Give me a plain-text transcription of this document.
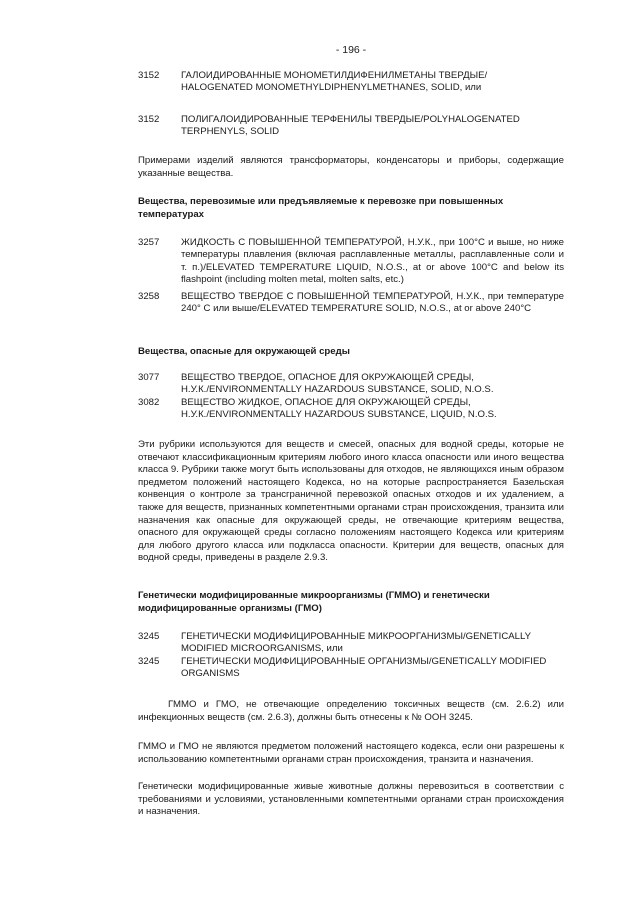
- 196 -
3152	ГАЛОИДИРОВАННЫЕ МОНОМЕТИЛДИФЕНИЛМЕТАНЫ ТВЕРДЫЕ/
HALOGENATED MONOMETHYLDIPHENYLMETHANES, SOLID, или
3152	ПОЛИГАЛОИДИРОВАННЫЕ ТЕРФЕНИЛЫ ТВЕРДЫЕ/POLYHALOGENATED
TERPHENYLS, SOLID
Примерами изделий являются трансформаторы, конденсаторы и приборы, содержащие указанные вещества.
Вещества, перевозимые или предъявляемые к перевозке при повышенных
температурах
3257	ЖИДКОСТЬ С ПОВЫШЕННОЙ ТЕМПЕРАТУРОЙ, Н.У.К., при 100°C и выше, но ниже температуры плавления (включая расплавленные металлы, расплавленные соли и т. п.)/ELEVATED TEMPERATURE LIQUID, N.O.S., at or above 100°C and below its flashpoint (including molten metal, molten salts, etc.)
3258	ВЕЩЕСТВО ТВЕРДОЕ С ПОВЫШЕННОЙ ТЕМПЕРАТУРОЙ, Н.У.К., при температуре 240° C или выше/ELEVATED TEMPERATURE SOLID, N.O.S., at or above 240°C
Вещества, опасные для окружающей среды
3077	ВЕЩЕСТВО ТВЕРДОЕ, ОПАСНОЕ ДЛЯ ОКРУЖАЮЩЕЙ СРЕДЫ,
Н.У.К./ENVIRONMENTALLY HAZARDOUS SUBSTANCE, SOLID, N.O.S.
3082	ВЕЩЕСТВО ЖИДКОЕ, ОПАСНОЕ ДЛЯ ОКРУЖАЮЩЕЙ СРЕДЫ,
Н.У.К./ENVIRONMENTALLY HAZARDOUS SUBSTANCE, LIQUID, N.O.S.
Эти рубрики используются для веществ и смесей, опасных для водной среды, которые не отвечают классификационным критериям любого иного класса опасности или иного вещества класса 9. Рубрики также могут быть использованы для отходов, не являющихся иным образом предметом положений настоящего Кодекса, но на которые распространяется Базельская конвенция о контроле за трансграничной перевозкой опасных отходов и их удалением, а также для веществ, признанных компетентными органами стран происхождения, транзита или назначения как опасные для окружающей среды, не отвечающие критериям вещества, опасного для окружающей среды согласно положениям настоящего Кодекса или критериям для любого другого класса или подкласса опасности. Критерии для веществ, опасных для водной среды, приведены в разделе 2.9.3.
Генетически модифицированные микроорганизмы (ГММО) и генетически
модифицированные организмы (ГМО)
3245	ГЕНЕТИЧЕСКИ МОДИФИЦИРОВАННЫЕ МИКРООРГАНИЗМЫ/GENETICALLY
MODIFIED MICROORGANISMS, или
3245	ГЕНЕТИЧЕСКИ МОДИФИЦИРОВАННЫЕ ОРГАНИЗМЫ/GENETICALLY MODIFIED
ORGANISMS
ГММО и ГМО, не отвечающие определению токсичных веществ (см. 2.6.2) или инфекционных веществ (см. 2.6.3), должны быть отнесены к № ООН 3245.
ГММО и ГМО не являются предметом положений настоящего кодекса, если они разрешены к использованию компетентными органами стран происхождения, транзита и назначения.
Генетически модифицированные живые животные должны перевозиться в соответствии с требованиями и условиями, установленными компетентными органами стран происхождения и назначения.
